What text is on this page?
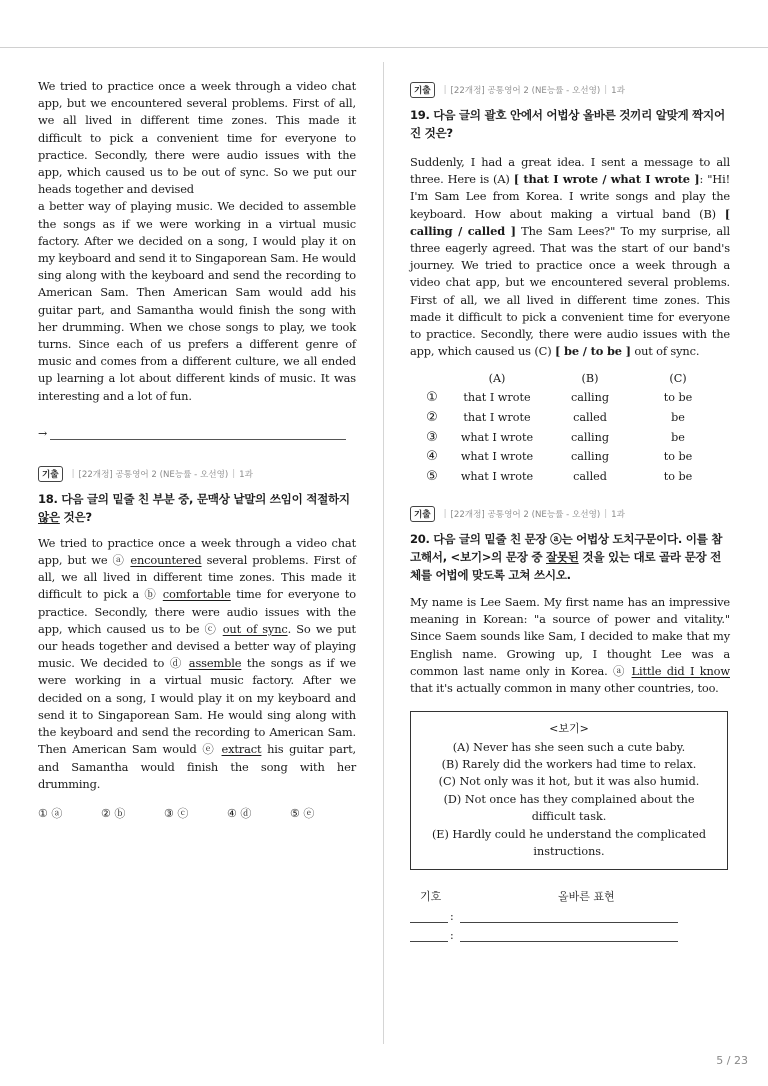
We tried to practice once a week through a video chat app, but we encountered several problems. First of all, we all lived in different time zones. This made it difficult to pick a convenient time for everyone to practice. Secondly, there were audio issues with the app, which caused us to be out of sync. So we put our heads together and devised
a better way of playing music. We decided to assemble the songs as if we were working in a virtual music factory. After we decided on a song, I would play it on my keyboard and send it to Singaporean Sam. He would sing along with the keyboard and send the recording to American Sam. Then American Sam would add his guitar part, and Samantha would finish the song with her drumming. When we chose songs to play, we took turns. Since each of us prefers a different genre of music and comes from a different culture, we all ended up learning a lot about different kinds of music. It was interesting and a lot of fun.
→
기출	| [22개정] 공통영어 2 (NE능률 - 오선영) | 1과
18. 다음 글의 밑줄 친 부분 중, 문맥상 낱말의 쓰임이 적절하지 않은 것은?
We tried to practice once a week through a video chat app, but we ⓐ encountered several problems. First of all, we all lived in different time zones. This made it difficult to pick a ⓑ comfortable time for everyone to practice. Secondly, there were audio issues with the app, which caused us to be ⓒ out of sync. So we put our heads together and devised a better way of playing music. We decided to ⓓ assemble the songs as if we were working in a virtual music factory. After we decided on a song, I would play it on my keyboard and send it to Singaporean Sam. He would sing along with the keyboard and send the recording to American Sam. Then American Sam would ⓔ extract his guitar part, and Samantha would finish the song with her drumming.
① ⓐ	② ⓑ	③ ⓒ	④ ⓓ	⑤ ⓔ
기출	| [22개정] 공통영어 2 (NE능률 - 오선영) | 1과
19. 다음 글의 괄호 안에서 어법상 올바른 것끼리 알맞게 짝지어진 것은?
Suddenly, I had a great idea. I sent a message to all three. Here is (A) [ that I wrote / what I wrote ]: "Hi! I'm Sam Lee from Korea. I write songs and play the keyboard. How about making a virtual band (B) [ calling / called ] The Sam Lees?" To my surprise, all three eagerly agreed. That was the start of our band's journey. We tried to practice once a week through a video chat app, but we encountered several problems. First of all, we all lived in different time zones. This made it difficult to pick a convenient time for everyone to practice. Secondly, there were audio issues with the app, which caused us (C) [ be / to be ] out of sync.
	(A)	(B)	(C)
①	that I wrote	calling	to be
②	that I wrote	called	be
③	what I wrote	calling	be
④	what I wrote	calling	to be
⑤	what I wrote	called	to be
기출	| [22개정] 공통영어 2 (NE능률 - 오선영) | 1과
20. 다음 글의 밑줄 친 문장 ⓐ는 어법상 도치구문이다. 이를 참고해서, <보기>의 문장 중 잘못된 것을 있는 대로 골라 문장 전체를 어법에 맞도록 고쳐 쓰시오.
My name is Lee Saem. My first name has an impressive meaning in Korean: "a source of power and vitality." Since Saem sounds like Sam, I decided to make that my English name. Growing up, I thought Lee was a common last name only in Korea. ⓐ Little did I know that it's actually common in many other countries, too.
<보기>
(A) Never has she seen such a cute baby.
(B) Rarely did the workers had time to relax.
(C) Not only was it hot, but it was also humid.
(D) Not once has they complained about the difficult task.
(E) Hardly could he understand the complicated instructions.
기호	올바른 표현
:
:
5 / 23
